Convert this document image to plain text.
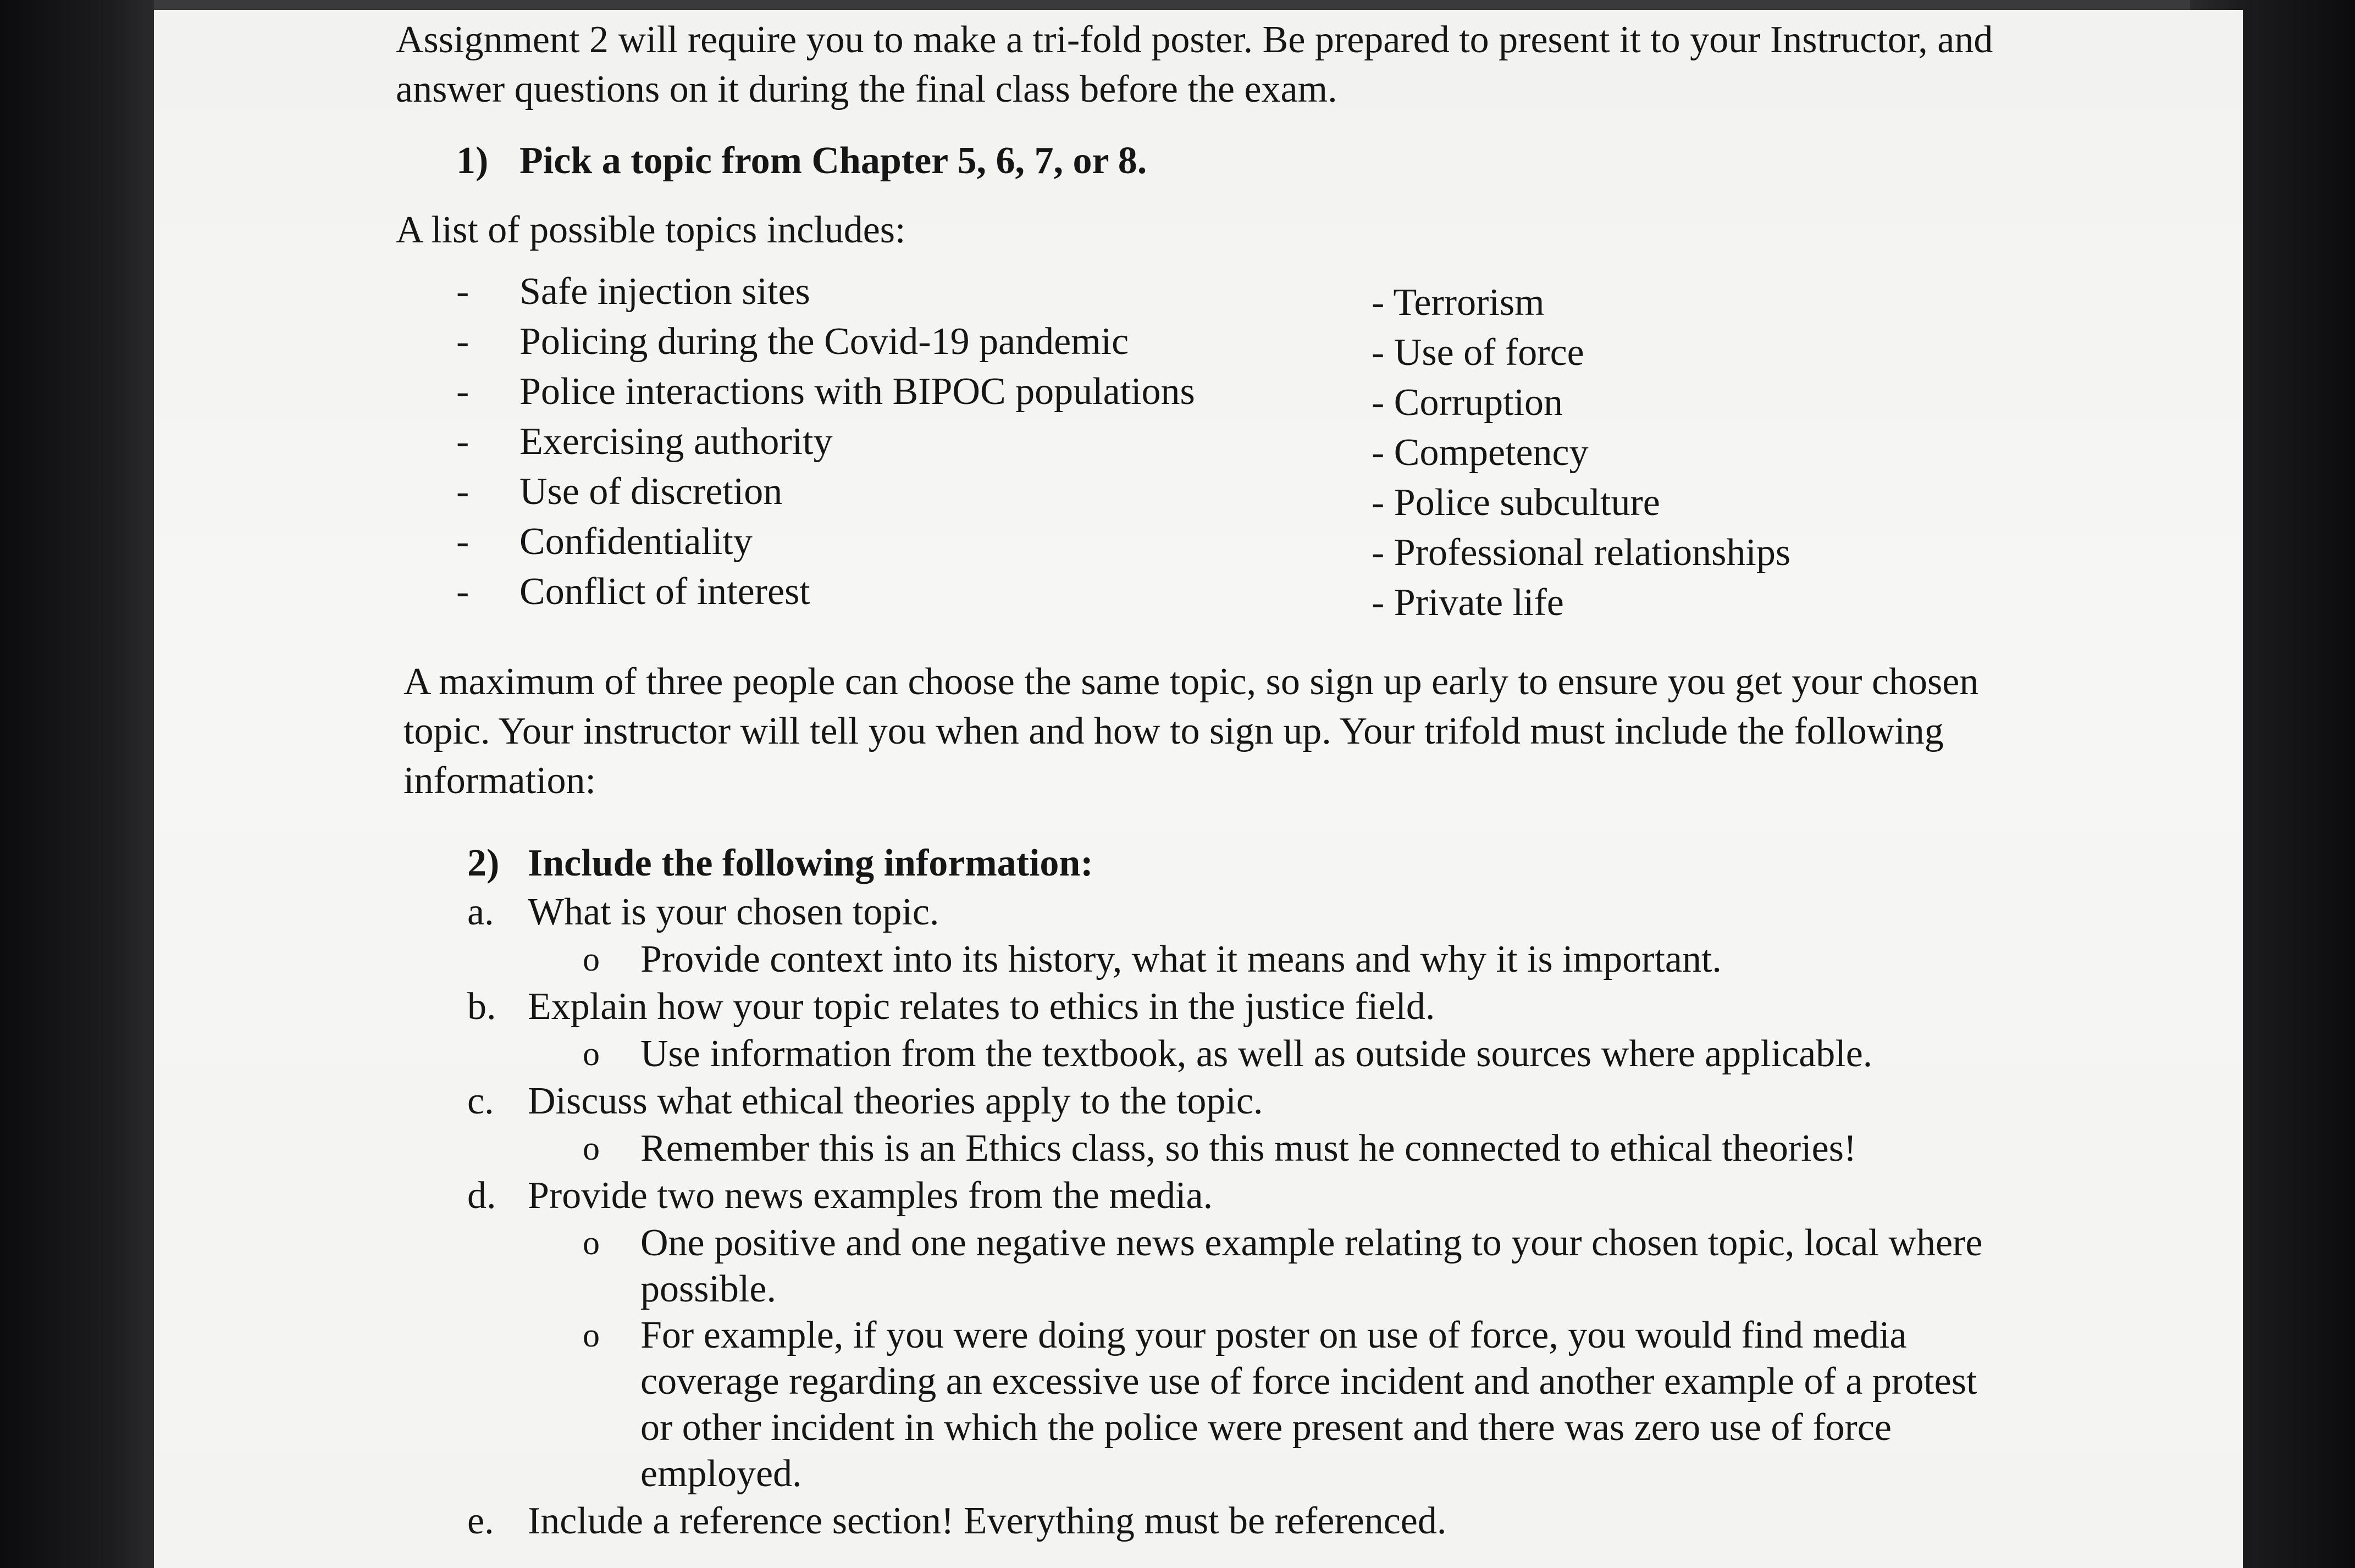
Assignment 2 will require you to make a tri-fold poster. Be prepared to present it to your Instructor, and answer questions on it during the final class before the exam.

1) Pick a topic from Chapter 5, 6, 7, or 8.

A list of possible topics includes:

-	Safe injection sites
-	Policing during the Covid-19 pandemic
-	Police interactions with BIPOC populations
-	Exercising authority
-	Use of discretion
-	Confidentiality
-	Conflict of interest
- Terrorism
- Use of force
- Corruption
- Competency
- Police subculture
- Professional relationships
- Private life

A maximum of three people can choose the same topic, so sign up early to ensure you get your chosen topic. Your instructor will tell you when and how to sign up. Your trifold must include the following information:

2) Include the following information:
a. What is your chosen topic.
o	Provide context into its history, what it means and why it is important.
b. Explain how your topic relates to ethics in the justice field.
o	Use information from the textbook, as well as outside sources where applicable.
c. Discuss what ethical theories apply to the topic.
o	Remember this is an Ethics class, so this must he connected to ethical theories!
d. Provide two news examples from the media.
o	One positive and one negative news example relating to your chosen topic, local where possible.
o	For example, if you were doing your poster on use of force, you would find media coverage regarding an excessive use of force incident and another example of a protest or other incident in which the police were present and there was zero use of force employed.
e. Include a reference section! Everything must be referenced.
